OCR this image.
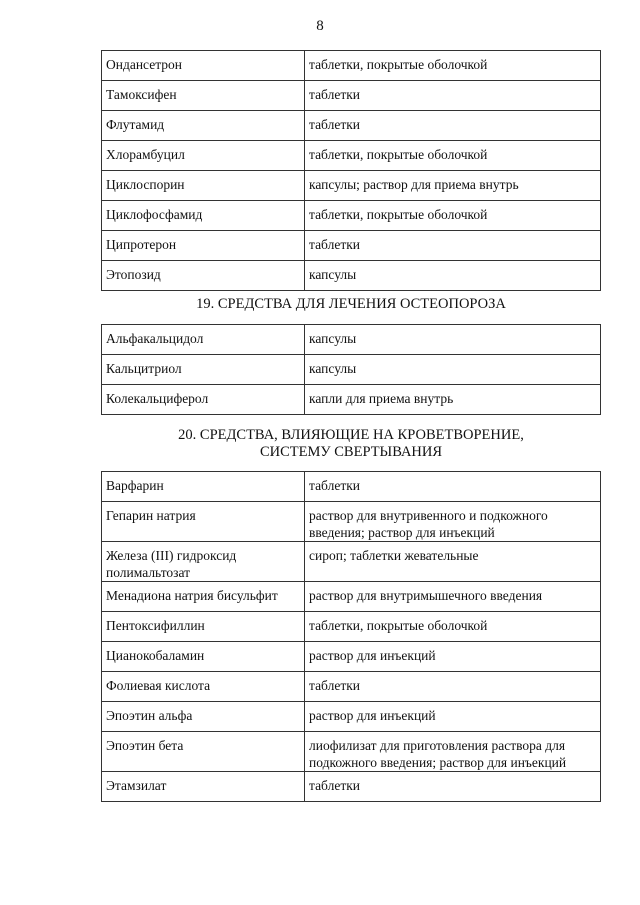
8
Ондансетрон	таблетки, покрытые оболочкой
Тамоксифен	таблетки
Флутамид	таблетки
Хлорамбуцил	таблетки, покрытые оболочкой
Циклоспорин	капсулы; раствор для приема внутрь
Циклофосфамид	таблетки, покрытые оболочкой
Ципротерон	таблетки
Этопозид	капсулы
19. СРЕДСТВА ДЛЯ ЛЕЧЕНИЯ ОСТЕОПОРОЗА
Альфакальцидол	капсулы
Кальцитриол	капсулы
Колекальциферол	капли для приема внутрь
20. СРЕДСТВА, ВЛИЯЮЩИЕ НА КРОВЕТВОРЕНИЕ,
СИСТЕМУ СВЕРТЫВАНИЯ
Варфарин	таблетки
Гепарин натрия	раствор для внутривенного и подкожного введения; раствор для инъекций
Железа (III) гидроксид полимальтозат	сироп; таблетки жевательные
Менадиона натрия бисульфит	раствор для внутримышечного введения
Пентоксифиллин	таблетки, покрытые оболочкой
Цианокобаламин	раствор для инъекций
Фолиевая кислота	таблетки
Эпоэтин альфа	раствор для инъекций
Эпоэтин бета	лиофилизат для приготовления раствора для подкожного введения; раствор для инъекций
Этамзилат	таблетки
